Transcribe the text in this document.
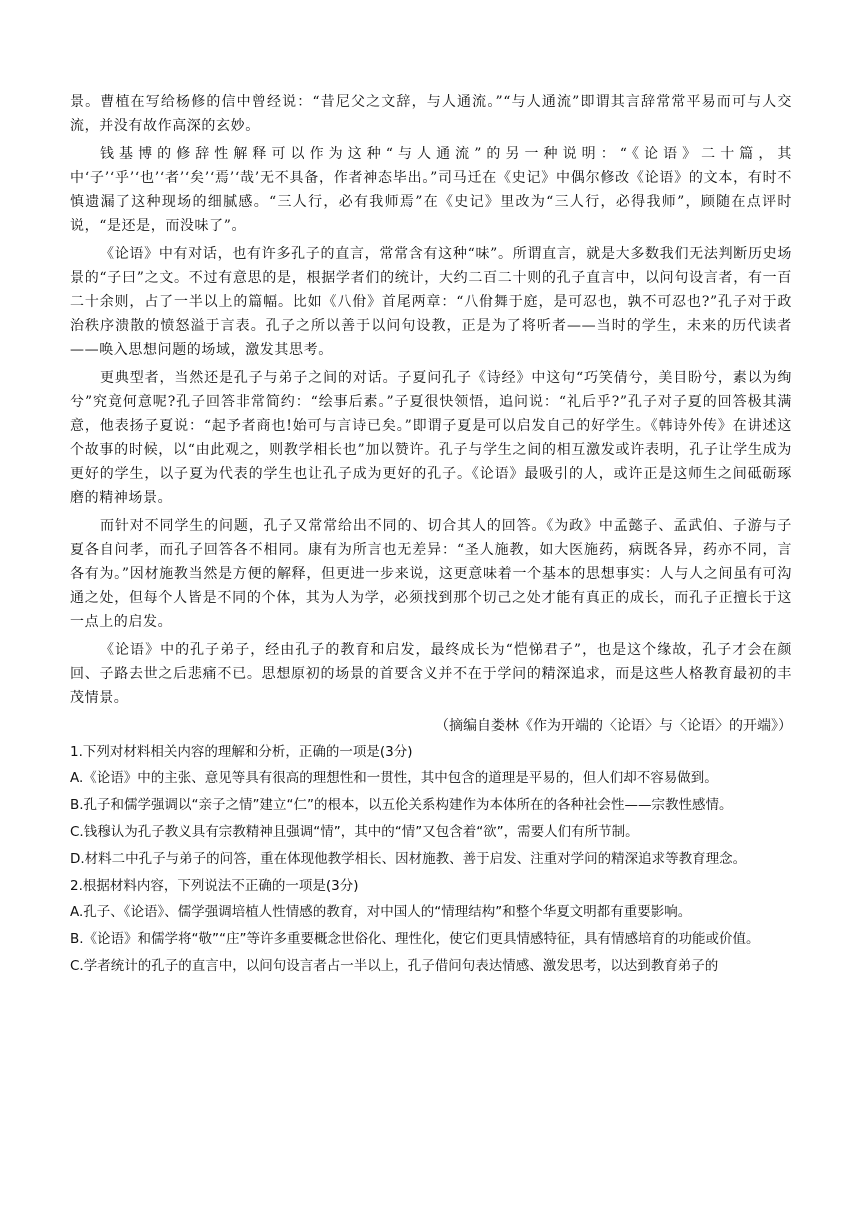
景。曹植在写给杨修的信中曾经说：“昔尼父之文辞，与人通流。”“与人通流”即谓其言辞常常平易而可与人交流，并没有故作高深的玄妙。

钱基博的修辞性解释可以作为这种“与人通流”的另一种说明：“《论语》二十篇，其中‘子’‘乎’‘也’‘者’‘矣’‘焉’‘哉’无不具备，作者神态毕出。”司马迁在《史记》中偶尔修改《论语》的文本，有时不慎遗漏了这种现场的细腻感。“三人行，必有我师焉”在《史记》里改为“三人行，必得我师”，顾随在点评时说，“是还是，而没味了”。

《论语》中有对话，也有许多孔子的直言，常常含有这种“味”。所谓直言，就是大多数我们无法判断历史场景的“子曰”之文。不过有意思的是，根据学者们的统计，大约二百二十则的孔子直言中，以问句设言者，有一百二十余则，占了一半以上的篇幅。比如《八佾》首尾两章：“八佾舞于庭，是可忍也，孰不可忍也?”孔子对于政治秩序溃散的愤怒溢于言表。孔子之所以善于以问句设教，正是为了将听者——当时的学生，未来的历代读者——唤入思想问题的场域，激发其思考。

更典型者，当然还是孔子与弟子之间的对话。子夏问孔子《诗经》中这句“巧笑倩兮，美目盼兮，素以为绚兮”究竟何意呢?孔子回答非常简约：“绘事后素。”子夏很快领悟，追问说：“礼后乎?”孔子对子夏的回答极其满意，他表扬子夏说：“起予者商也!始可与言诗已矣。”即谓子夏是可以启发自己的好学生。《韩诗外传》在讲述这个故事的时候，以“由此观之，则教学相长也”加以赞许。孔子与学生之间的相互激发或许表明，孔子让学生成为更好的学生，以子夏为代表的学生也让孔子成为更好的孔子。《论语》最吸引的人，或许正是这师生之间砥砺琢磨的精神场景。

而针对不同学生的问题，孔子又常常给出不同的、切合其人的回答。《为政》中孟懿子、孟武伯、子游与子夏各自问孝，而孔子回答各不相同。康有为所言也无差异：“圣人施教，如大医施药，病既各异，药亦不同，言各有为。”因材施教当然是方便的解释，但更进一步来说，这更意味着一个基本的思想事实：人与人之间虽有可沟通之处，但每个人皆是不同的个体，其为人为学，必须找到那个切己之处才能有真正的成长，而孔子正擅长于这一点上的启发。

《论语》中的孔子弟子，经由孔子的教育和启发，最终成长为“恺悌君子”，也是这个缘故，孔子才会在颜回、子路去世之后悲痛不已。思想原初的场景的首要含义并不在于学问的精深追求，而是这些人格教育最初的丰茂情景。

（摘编自娄林《作为开端的〈论语〉与〈论语〉的开端》）

1.下列对材料相关内容的理解和分析，正确的一项是(3分)

A.《论语》中的主张、意见等具有很高的理想性和一贯性，其中包含的道理是平易的，但人们却不容易做到。

B.孔子和儒学强调以“亲子之情”建立“仁”的根本，以五伦关系构建作为本体所在的各种社会性——宗教性感情。

C.钱穆认为孔子教义具有宗教精神且强调“情”，其中的“情”又包含着“欲”，需要人们有所节制。

D.材料二中孔子与弟子的问答，重在体现他教学相长、因材施教、善于启发、注重对学问的精深追求等教育理念。

2.根据材料内容，下列说法不正确的一项是(3分)

A.孔子、《论语》、儒学强调培植人性情感的教育，对中国人的“情理结构”和整个华夏文明都有重要影响。

B.《论语》和儒学将“敬”“庄”等许多重要概念世俗化、理性化，使它们更具情感特征，具有情感培育的功能或价值。

C.学者统计的孔子的直言中，以问句设言者占一半以上，孔子借问句表达情感、激发思考，以达到教育弟子的
